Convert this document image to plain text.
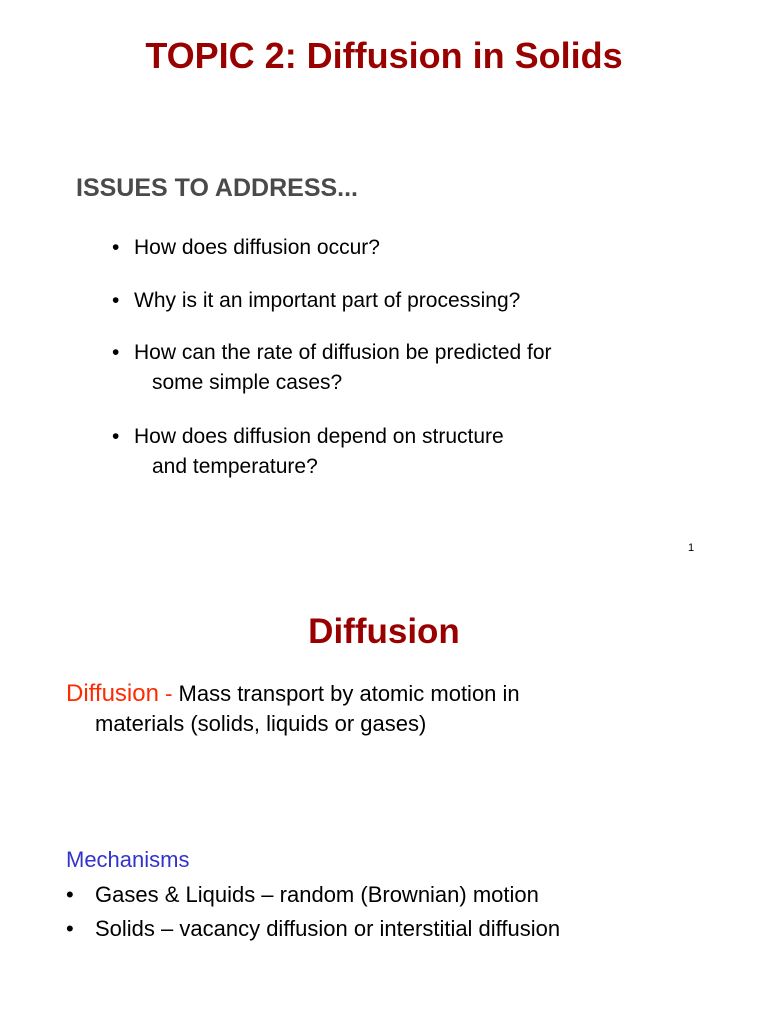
TOPIC 2: Diffusion in Solids
ISSUES TO ADDRESS...
• How does diffusion occur?
• Why is it an important part of processing?
• How can the rate of diffusion be predicted for
some simple cases?
• How does diffusion depend on structure
and temperature?
1
Diffusion
Diffusion - Mass transport by atomic motion in
materials (solids, liquids or gases)
Mechanisms
• Gases & Liquids – random (Brownian) motion
• Solids – vacancy diffusion or interstitial diffusion
